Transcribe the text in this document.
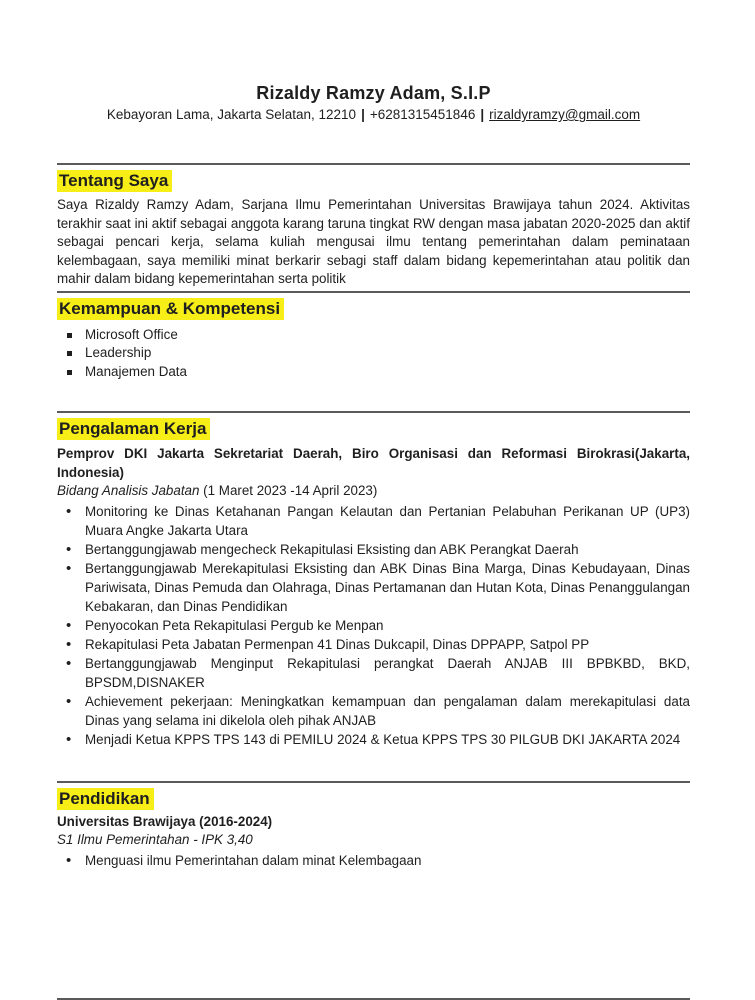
Rizaldy Ramzy Adam, S.I.P

Kebayoran Lama, Jakarta Selatan, 12210 | +6281315451846 | rizaldyramzy@gmail.com

Tentang Saya

Saya Rizaldy Ramzy Adam, Sarjana Ilmu Pemerintahan Universitas Brawijaya tahun 2024. Aktivitas terakhir saat ini aktif sebagai anggota karang taruna tingkat RW dengan masa jabatan 2020-2025 dan aktif sebagai pencari kerja, selama kuliah mengusai ilmu tentang pemerintahan dalam peminataan kelembagaan, saya memiliki minat berkarir sebagi staff dalam bidang kepemerintahan atau politik dan mahir dalam bidang kepemerintahan serta politik

Kemampuan & Kompetensi
Microsoft Office
Leadership
Manajemen Data
Pengalaman Kerja

Pemprov DKI Jakarta Sekretariat Daerah, Biro Organisasi dan Reformasi Birokrasi(Jakarta, Indonesia)

Bidang Analisis Jabatan (1 Maret 2023 -14 April 2023)

• Monitoring ke Dinas Ketahanan Pangan Kelautan dan Pertanian Pelabuhan Perikanan UP (UP3) Muara Angke Jakarta Utara
• Bertanggungjawab mengecheck Rekapitulasi Eksisting dan ABK Perangkat Daerah
• Bertanggungjawab Merekapitulasi Eksisting dan ABK Dinas Bina Marga, Dinas Kebudayaan, Dinas Pariwisata, Dinas Pemuda dan Olahraga, Dinas Pertamanan dan Hutan Kota, Dinas Penanggulangan Kebakaran, dan Dinas Pendidikan
• Penyocokan Peta Rekapitulasi Pergub ke Menpan
• Rekapitulasi Peta Jabatan Permenpan 41 Dinas Dukcapil, Dinas DPPAPP, Satpol PP
• Bertanggungjawab Menginput Rekapitulasi perangkat Daerah ANJAB III BPBKBD, BKD, BPSDM,DISNAKER
• Achievement pekerjaan: Meningkatkan kemampuan dan pengalaman dalam merekapitulasi data Dinas yang selama ini dikelola oleh pihak ANJAB
• Menjadi Ketua KPPS TPS 143 di PEMILU 2024 & Ketua KPPS TPS 30 PILGUB DKI JAKARTA 2024
Pendidikan

Universitas Brawijaya (2016-2024)

S1 Ilmu Pemerintahan - IPK 3,40

• Menguasi ilmu Pemerintahan dalam minat Kelembagaan
